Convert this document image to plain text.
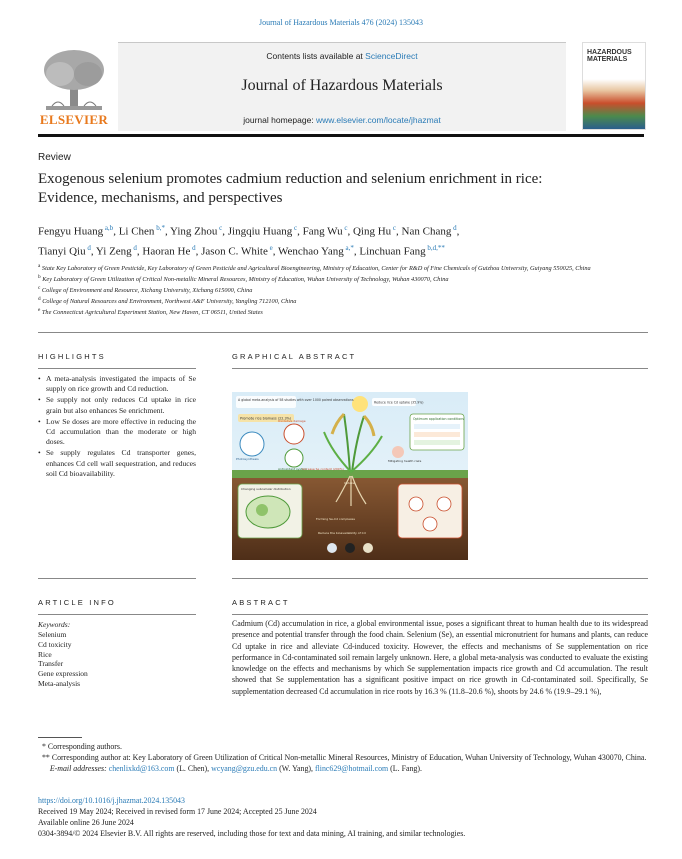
Journal of Hazardous Materials 476 (2024) 135043
ELSEVIER
Contents lists available at ScienceDirect
Journal of Hazardous Materials
journal homepage: www.elsevier.com/locate/jhazmat
HAZARDOUS MATERIALS
Review
Exogenous selenium promotes cadmium reduction and selenium enrichment in rice: Evidence, mechanisms, and perspectives
Fengyu Huang $^{a,b}$, Li Chen $^{b,*}$, Ying Zhou $^c$, Jingqiu Huang $^c$, Fang Wu $^c$, Qing Hu $^c$, Nan Chang $^d$,
Tianyi Qiu $^d$, Yi Zeng $^d$, Haoran He $^d$, Jason C. White $^e$, Wenchao Yang $^{a,*}$, Linchuan Fang $^{b,d,**}$
$^a$ State Key Laboratory of Green Pesticide, Key Laboratory of Green Pesticide and Agricultural Bioengineering, Ministry of Education, Center for R&D of Fine Chemicals of Guizhou University, Guiyang 550025, China
$^b$ Key Laboratory of Green Utilization of Critical Non-metallic Mineral Resources, Ministry of Education, Wuhan University of Technology, Wuhan 430070, China
$^c$ College of Environment and Resource, Xichang University, Xichang 615000, China
$^d$ College of Natural Resources and Environment, Northwest A&F University, Yangling 712100, China
$^e$ The Connecticut Agricultural Experiment Station, New Haven, CT 06511, United States
HIGHLIGHTS	GRAPHICAL ABSTRACT
• A meta-analysis investigated the impacts of Se supply on rice growth and Cd reduction.
• Se supply not only reduces Cd uptake in rice grain but also enhances Se enrichment.
• Low Se doses are more effective in reducing the Cd accumulation than the moderate or high doses.
• Se supply regulates Cd transporter genes, enhances Cd cell wall sequestration, and reduces soil Cd bioavailability.
A global meta-analysis of 58 studies with over 1000 paired observations
Promote rice biomass (22.3%)
Oxidative damage
Photosynthesis
Antioxidant system
Increase Se content (299%)
Reduce rice Cd uptake (35.9%)
Optimum application conditions
Mitigating health risks
Uptake
Changing subcellular distribution
Forming Se-Cd complexes
Reduce the bioavailability of Cd
ARTICLE INFO	ABSTRACT
Keywords:
Selenium
Cd toxicity
Rice
Transfer
Gene expression
Meta-analysis

Cadmium (Cd) accumulation in rice, a global environmental issue, poses a significant threat to human health due to its widespread presence and potential transfer through the food chain. Selenium (Se), an essential micronutrient for humans and plants, can reduce Cd uptake in rice and alleviate Cd-induced toxicity. However, the effects and mechanisms of Se supplementation on rice performance in Cd-contaminated soil remain largely unknown. Here, a global meta-analysis was conducted to evaluate the existing knowledge on the effects and mechanisms by which Se supplementation impacts rice growth and Cd accumulation. The result showed that Se supplementation has a significant positive impact on rice growth in Cd-contaminated soil. Specifically, Se supplementation decreased Cd accumulation in rice roots by 16.3 % (11.8–20.6 %), shoots by 24.6 % (19.9–29.1 %),

* Corresponding authors.

** Corresponding author at: Key Laboratory of Green Utilization of Critical Non-metallic Mineral Resources, Ministry of Education, Wuhan University of Technology, Wuhan 430070, China.

E-mail addresses: chenlixkd@163.com (L. Chen), wcyang@gzu.edu.cn (W. Yang), flinc629@hotmail.com (L. Fang).

https://doi.org/10.1016/j.jhazmat.2024.135043

Received 19 May 2024; Received in revised form 17 June 2024; Accepted 25 June 2024

Available online 26 June 2024

0304-3894/© 2024 Elsevier B.V. All rights are reserved, including those for text and data mining, AI training, and similar technologies.
